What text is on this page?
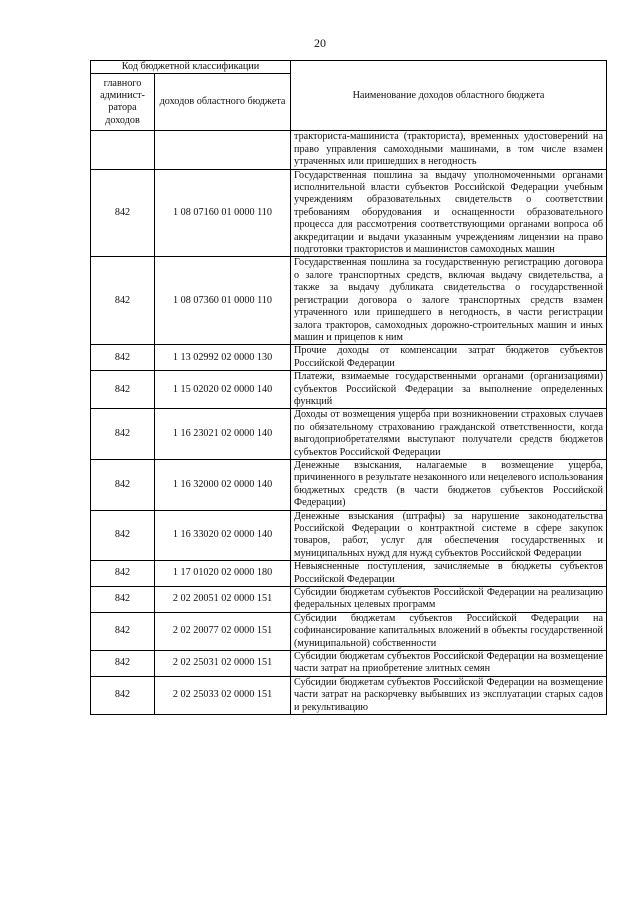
20
Код бюджетной классификации		Наименование доходов областного бюджета
главного админист-ратора доходов	доходов областного бюджета	
		тракториста-машиниста (тракториста), временных удостоверений на право управления самоходными машинами, в том числе взамен утраченных или пришедших в негодность
842	1 08 07160 01 0000 110	Государственная пошлина за выдачу уполномоченными органами исполнительной власти субъектов Российской Федерации учебным учреждениям образовательных свидетельств о соответствии требованиям оборудования и оснащенности образовательного процесса для рассмотрения соответствующими органами вопроса об аккредитации и выдачи указанным учреждениям лицензии на право подготовки трактористов и машинистов самоходных машин
842	1 08 07360 01 0000 110	Государственная пошлина за государственную регистрацию договора о залоге транспортных средств, включая выдачу свидетельства, а также за выдачу дубликата свидетельства о государственной регистрации договора о залоге транспортных средств взамен утраченного или пришедшего в негодность, в части регистрации залога тракторов, самоходных дорожно-строительных машин и иных машин и прицепов к ним
842	1 13 02992 02 0000 130	Прочие доходы от компенсации затрат бюджетов субъектов Российской Федерации
842	1 15 02020 02 0000 140	Платежи, взимаемые государственными органами (организациями) субъектов Российской Федерации за выполнение определенных функций
842	1 16 23021 02 0000 140	Доходы от возмещения ущерба при возникновении страховых случаев по обязательному страхованию гражданской ответственности, когда выгодоприобретателями выступают получатели средств бюджетов субъектов Российской Федерации
842	1 16 32000 02 0000 140	Денежные взыскания, налагаемые в возмещение ущерба, причиненного в результате незаконного или нецелевого использования бюджетных средств (в части бюджетов субъектов Российской Федерации)
842	1 16 33020 02 0000 140	Денежные взыскания (штрафы) за нарушение законодательства Российской Федерации о контрактной системе в сфере закупок товаров, работ, услуг для обеспечения государственных и муниципальных нужд для нужд субъектов Российской Федерации
842	1 17 01020 02 0000 180	Невыясненные поступления, зачисляемые в бюджеты субъектов Российской Федерации
842	2 02 20051 02 0000 151	Субсидии бюджетам субъектов Российской Федерации на реализацию федеральных целевых программ
842	2 02 20077 02 0000 151	Субсидии бюджетам субъектов Российской Федерации на софинансирование капитальных вложений в объекты государственной (муниципальной) собственности
842	2 02 25031 02 0000 151	Субсидии бюджетам субъектов Российской Федерации на возмещение части затрат на приобретение элитных семян
842	2 02 25033 02 0000 151	Субсидии бюджетам субъектов Российской Федерации на возмещение части затрат на раскорчевку выбывших из эксплуатации старых садов и рекультивацию
